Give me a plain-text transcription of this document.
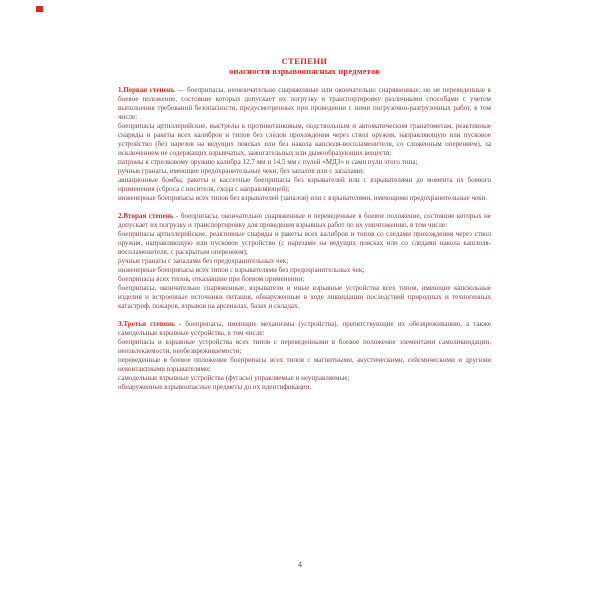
СТЕПЕНИ

опасности взрывоопасных предметов

1.Первая степень — боеприпасы, неокончательно снаряженные или окончательно снаряженные, но не переведенные в боевое положение, состояние которых допускает их погрузку и транспортировку различными способами с учетом выполнения требований безопасности, предусмотренных при проведении с ними погрузочно-разгрузочных работ, в том числе:

боеприпасы артиллерийские, выстрелы к противотанковым, подствольным и автоматическим гранатометам, реактивные снаряды и ракеты всех калибров и типов без следов прохождения через ствол оружия, направляющую или пусковое устройство (без нарезов на ведущих поясках или без накола капсюля-воспламенителя, со сложенным оперением), за исключением не содержащих взрывчатых, зажигательных или дымообразующих веществ;

патроны к стрелковому оружию калибра 12,7 мм и 14,5 мм с пулей «МДЗ» и сами пули этого типа;

ручные гранаты, имеющие предохранительные чеки, без запалов или с запалами;

авиационные бомбы, ракеты и кассетные боеприпасы без взрывателей или с взрывателями до момента их боевого применения (сброса с носителя, схода с направляющей);

инженерные боеприпасы всех типов без взрывателей (запалов) или с взрывателями, имеющими предохранительные чеки.

2.Вторая степень - боеприпасы, окончательно снаряженные и переведенные в боевое положение, состояние которых не допускает их погрузку и транспортировку для проведения взрывных работ по их уничтожению, в том числе:

боеприпасы артиллерийские, реактивные снаряды и ракеты всех калибров и типов со следами прохождения через ствол оружия, направляющую или пусковое устройство (с нарезами на ведущих поясках или со следами накола капсюля-воспламенителя, с раскрытым оперением);

ручные гранаты с запалами без предохранительных чек;

инженерные боеприпасы всех типов с взрывателями без предохранительных чек;

боеприпасы всех типов, отказавшие при боевом применении;

боеприпасы, окончательно снаряженные, взрыватели и иные взрывные устройства всех типов, имеющие капсюльные изделия и встроенные источники питания, обнаруженные в ходе ликвидации последствий природных и техногенных катастроф, пожаров, взрывов на арсеналах, базах и складах.

3.Третья степень - боеприпасы, имеющие механизмы (устройства), препятствующие их обезвреживанию, а также самодельные взрывные устройства, в том числе:

боеприпасы и взрывные устройства всех типов с переведенными в боевое положение элементами самоликвидации, неизвлекаемости, необезвреживаемости;

переведенные в боевое положение боеприпасы всех типов с магнитными, акустическими, сейсмическими и другими неконтактными взрывателями;

самодельные взрывные устройства (фугасы) управляемые и неуправляемые;

обнаруженные взрывоопасные предметы до их идентификации.

4
